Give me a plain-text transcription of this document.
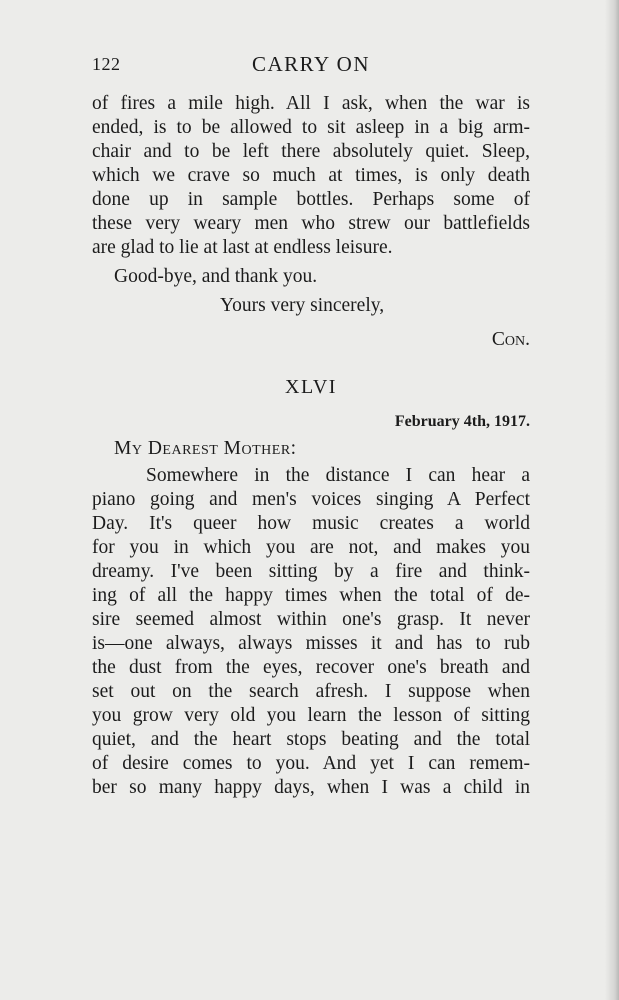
122	CARRY ON
of fires a mile high. All I ask, when the war is
ended, is to be allowed to sit asleep in a big arm-
chair and to be left there absolutely quiet. Sleep,
which we crave so much at times, is only death
done up in sample bottles. Perhaps some of
these very weary men who strew our battlefields
are glad to lie at last at endless leisure.
Good-bye, and thank you.
Yours very sincerely,
Con.
XLVI
February 4th, 1917.
My Dearest Mother:
Somewhere in the distance I can hear a
piano going and men's voices singing A Perfect
Day. It's queer how music creates a world
for you in which you are not, and makes you
dreamy. I've been sitting by a fire and think-
ing of all the happy times when the total of de-
sire seemed almost within one's grasp. It never
is—one always, always misses it and has to rub
the dust from the eyes, recover one's breath and
set out on the search afresh. I suppose when
you grow very old you learn the lesson of sitting
quiet, and the heart stops beating and the total
of desire comes to you. And yet I can remem-
ber so many happy days, when I was a child in
